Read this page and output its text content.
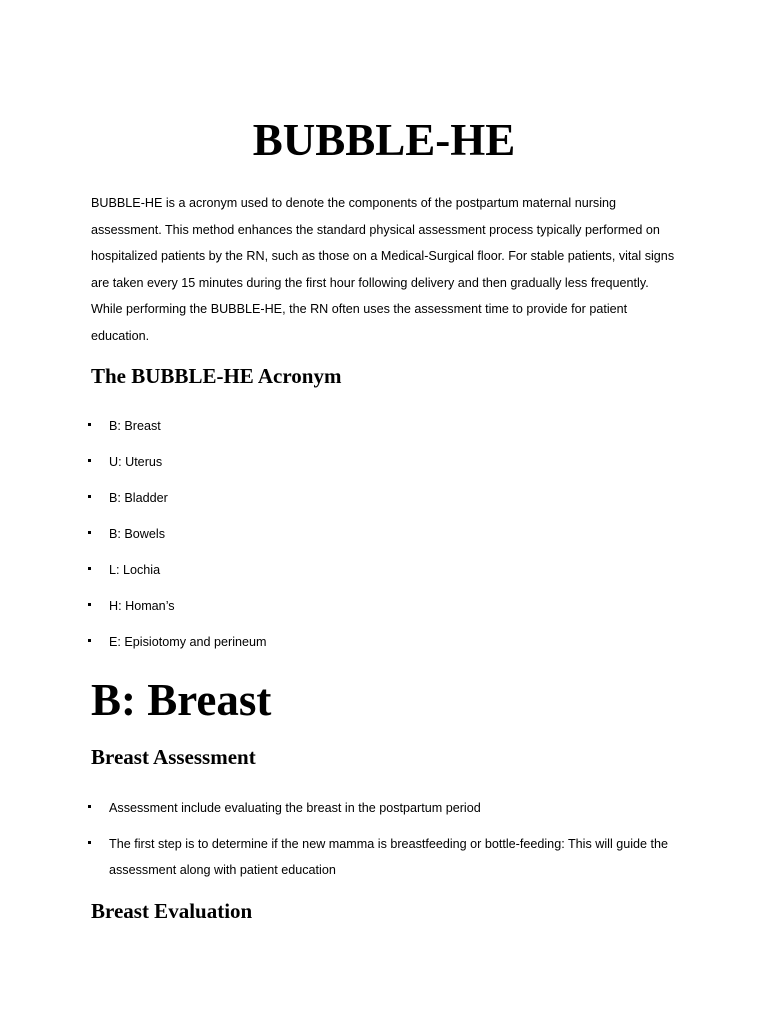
BUBBLE-HE

BUBBLE-HE is a acronym used to denote the components of the postpartum maternal nursing assessment. This method enhances the standard physical assessment process typically performed on hospitalized patients by the RN, such as those on a Medical-Surgical floor. For stable patients, vital signs are taken every 15 minutes during the first hour following delivery and then gradually less frequently. While performing the BUBBLE-HE, the RN often uses the assessment time to provide for patient education.

The BUBBLE-HE Acronym
B: Breast
U: Uterus
B: Bladder
B: Bowels
L: Lochia
H: Homan’s
E: Episiotomy and perineum
B: Breast
Breast Assessment
Assessment include evaluating the breast in the postpartum period
The first step is to determine if the new mamma is breastfeeding or bottle-feeding: This will guide the assessment along with patient education
Breast Evaluation
